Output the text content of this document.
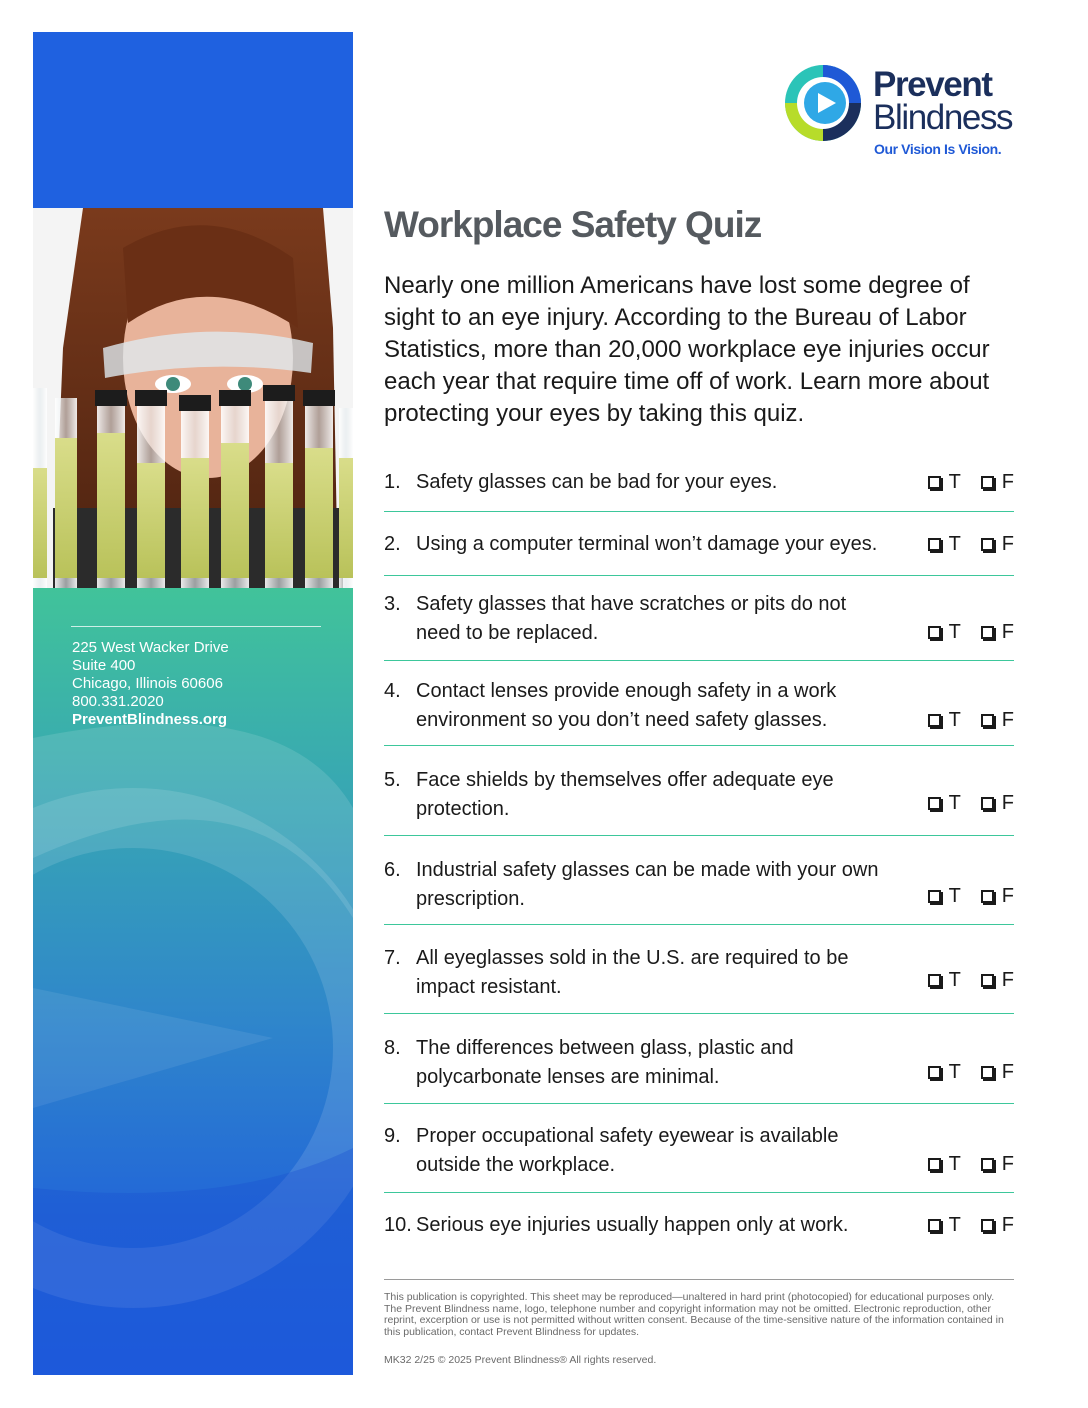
225 West Wacker Drive
Suite 400
Chicago, Illinois 60606
800.331.2020
PreventBlindness.org
Prevent
Blindness
Our Vision Is Vision.
Workplace Safety Quiz
Nearly one million Americans have lost some degree of sight to an eye injury. According to the Bureau of Labor Statistics, more than 20,000 workplace eye injuries occur each year that require time off of work. Learn more about protecting your eyes by taking this quiz.
1. Safety glasses can be bad for your eyes.	T F
2. Using a computer terminal won’t damage your eyes.	T F
3. Safety glasses that have scratches or pits do not need to be replaced.	T F
4. Contact lenses provide enough safety in a work environment so you don’t need safety glasses.	T F
5. Face shields by themselves offer adequate eye protection.	T F
6. Industrial safety glasses can be made with your own prescription.	T F
7. All eyeglasses sold in the U.S. are required to be impact resistant.	T F
8. The differences between glass, plastic and polycarbonate lenses are minimal.	T F
9. Proper occupational safety eyewear is available outside the workplace.	T F
10. Serious eye injuries usually happen only at work.	T F
This publication is copyrighted. This sheet may be reproduced—unaltered in hard print (photocopied) for educational purposes only. The Prevent Blindness name, logo, telephone number and copyright information may not be omitted. Electronic reproduction, other reprint, excerption or use is not permitted without written consent. Because of the time-sensitive nature of the information contained in this publication, contact Prevent Blindness for updates.
MK32 2/25 © 2025 Prevent Blindness® All rights reserved.
